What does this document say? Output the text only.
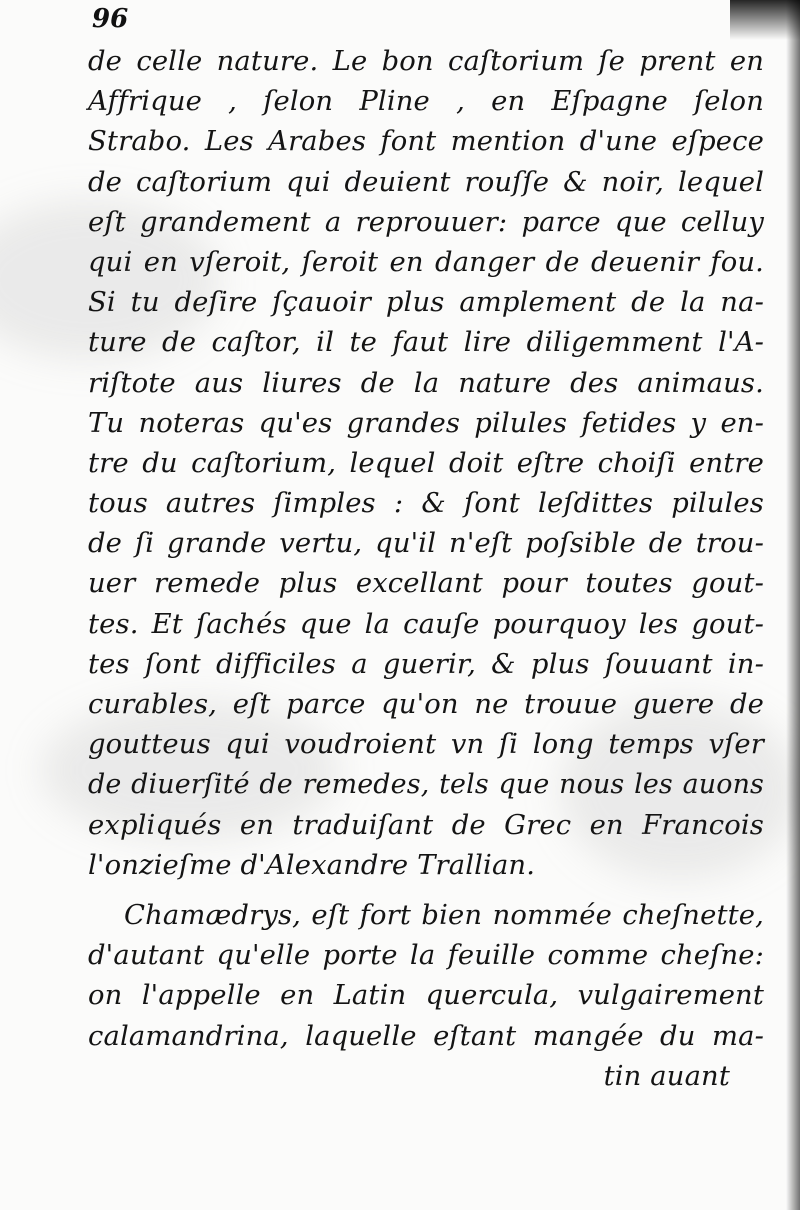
96
de celle nature. Le bon caſtorium ſe prent en
Affrique , ſelon Pline , en Eſpagne ſelon
Strabo. Les Arabes font mention d'une eſpece
de caſtorium qui deuient rouſſe & noir, lequel
eſt grandement a reprouuer: parce que celluy
qui en vſeroit, ſeroit en danger de deuenir fou.
Si tu deſire ſçauoir plus amplement de la na-
ture de caſtor, il te faut lire diligemment l'A-
riſtote aus liures de la nature des animaus.
Tu noteras qu'es grandes pilules fetides y en-
tre du caſtorium, lequel doit eſtre choiſi entre
tous autres ſimples : & ſont leſdittes pilules
de ſi grande vertu, qu'il n'eſt poſsible de trou-
uer remede plus excellant pour toutes gout-
tes. Et ſachés que la cauſe pourquoy les gout-
tes ſont difficiles a guerir, & plus ſouuant in-
curables, eſt parce qu'on ne trouue guere de
goutteus qui voudroient vn ſi long temps vſer
de diuerſité de remedes, tels que nous les auons
expliqués en traduiſant de Grec en Francois
l'onzieſme d'Alexandre Trallian.
Chamædrys, eſt fort bien nommée cheſnette,
d'autant qu'elle porte la feuille comme cheſne:
on l'appelle en Latin quercula, vulgairement
calamandrina, laquelle eſtant mangée du ma-
tin auant
